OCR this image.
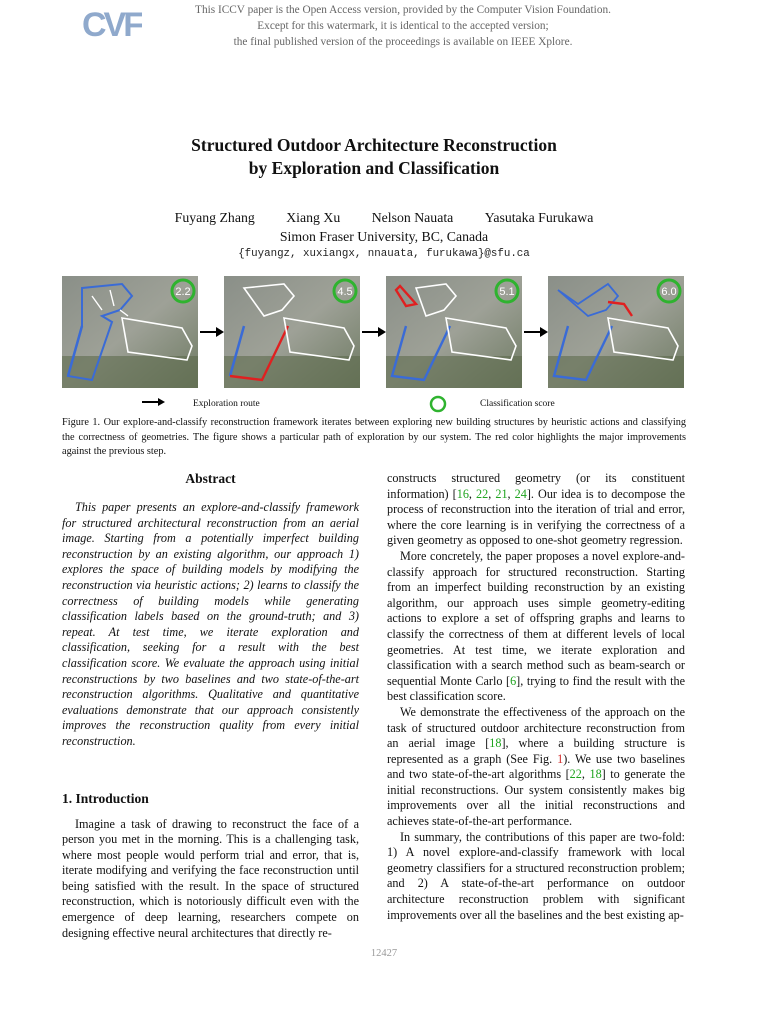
CVF	This ICCV paper is the Open Access version, provided by the Computer Vision Foundation.
Except for this watermark, it is identical to the accepted version;
the final published version of the proceedings is available on IEEE Xplore.
Structured Outdoor Architecture Reconstruction
by Exploration and Classification
Fuyang Zhang Xiang Xu Nelson Nauata Yasutaka Furukawa
Simon Fraser University, BC, Canada
{fuyangz, xuxiangx, nnauata, furukawa}@sfu.ca
2.2	4.5	5.1	6.0
Exploration route	Classification score
Figure 1. Our explore-and-classify reconstruction framework iterates between exploring new building structures by heuristic actions and classifying the correctness of geometries. The figure shows a particular path of exploration by our system. The red color highlights the major improvements against the previous step.
Abstract

This paper presents an explore-and-classify framework for structured architectural reconstruction from an aerial image. Starting from a potentially imperfect building reconstruction by an existing algorithm, our approach 1) explores the space of building models by modifying the reconstruction via heuristic actions; 2) learns to classify the correctness of building models while generating classification labels based on the ground-truth; and 3) repeat. At test time, we iterate exploration and classification, seeking for a result with the best classification score. We evaluate the approach using initial reconstructions by two baselines and two state-of-the-art reconstruction algorithms. Qualitative and quantitative evaluations demonstrate that our approach consistently improves the reconstruction quality from every initial reconstruction.

1. Introduction

Imagine a task of drawing to reconstruct the face of a person you met in the morning. This is a challenging task, where most people would perform trial and error, that is, iterate modifying and verifying the face reconstruction until being satisfied with the result. In the space of structured reconstruction, which is notoriously difficult even with the emergence of deep learning, researchers compete on designing effective neural architectures that directly re-

constructs structured geometry (or its constituent information) [16, 22, 21, 24]. Our idea is to decompose the process of reconstruction into the iteration of trial and error, where the core learning is in verifying the correctness of a given geometry as opposed to one-shot geometry regression.

More concretely, the paper proposes a novel explore-and-classify approach for structured reconstruction. Starting from an imperfect building reconstruction by an existing algorithm, our approach uses simple geometry-editing actions to explore a set of offspring graphs and learns to classify the correctness of them at different levels of local geometries. At test time, we iterate exploration and classification with a search method such as beam-search or sequential Monte Carlo [6], trying to find the result with the best classification score.

We demonstrate the effectiveness of the approach on the task of structured outdoor architecture reconstruction from an aerial image [18], where a building structure is represented as a graph (See Fig. 1). We use two baselines and two state-of-the-art algorithms [22, 18] to generate the initial reconstructions. Our system consistently makes big improvements over all the initial reconstructions and achieves state-of-the-art performance.

In summary, the contributions of this paper are two-fold: 1) A novel explore-and-classify framework with local geometry classifiers for a structured reconstruction problem; and 2) A state-of-the-art performance on outdoor architecture reconstruction problem with significant improvements over all the baselines and the best existing ap-

12427
